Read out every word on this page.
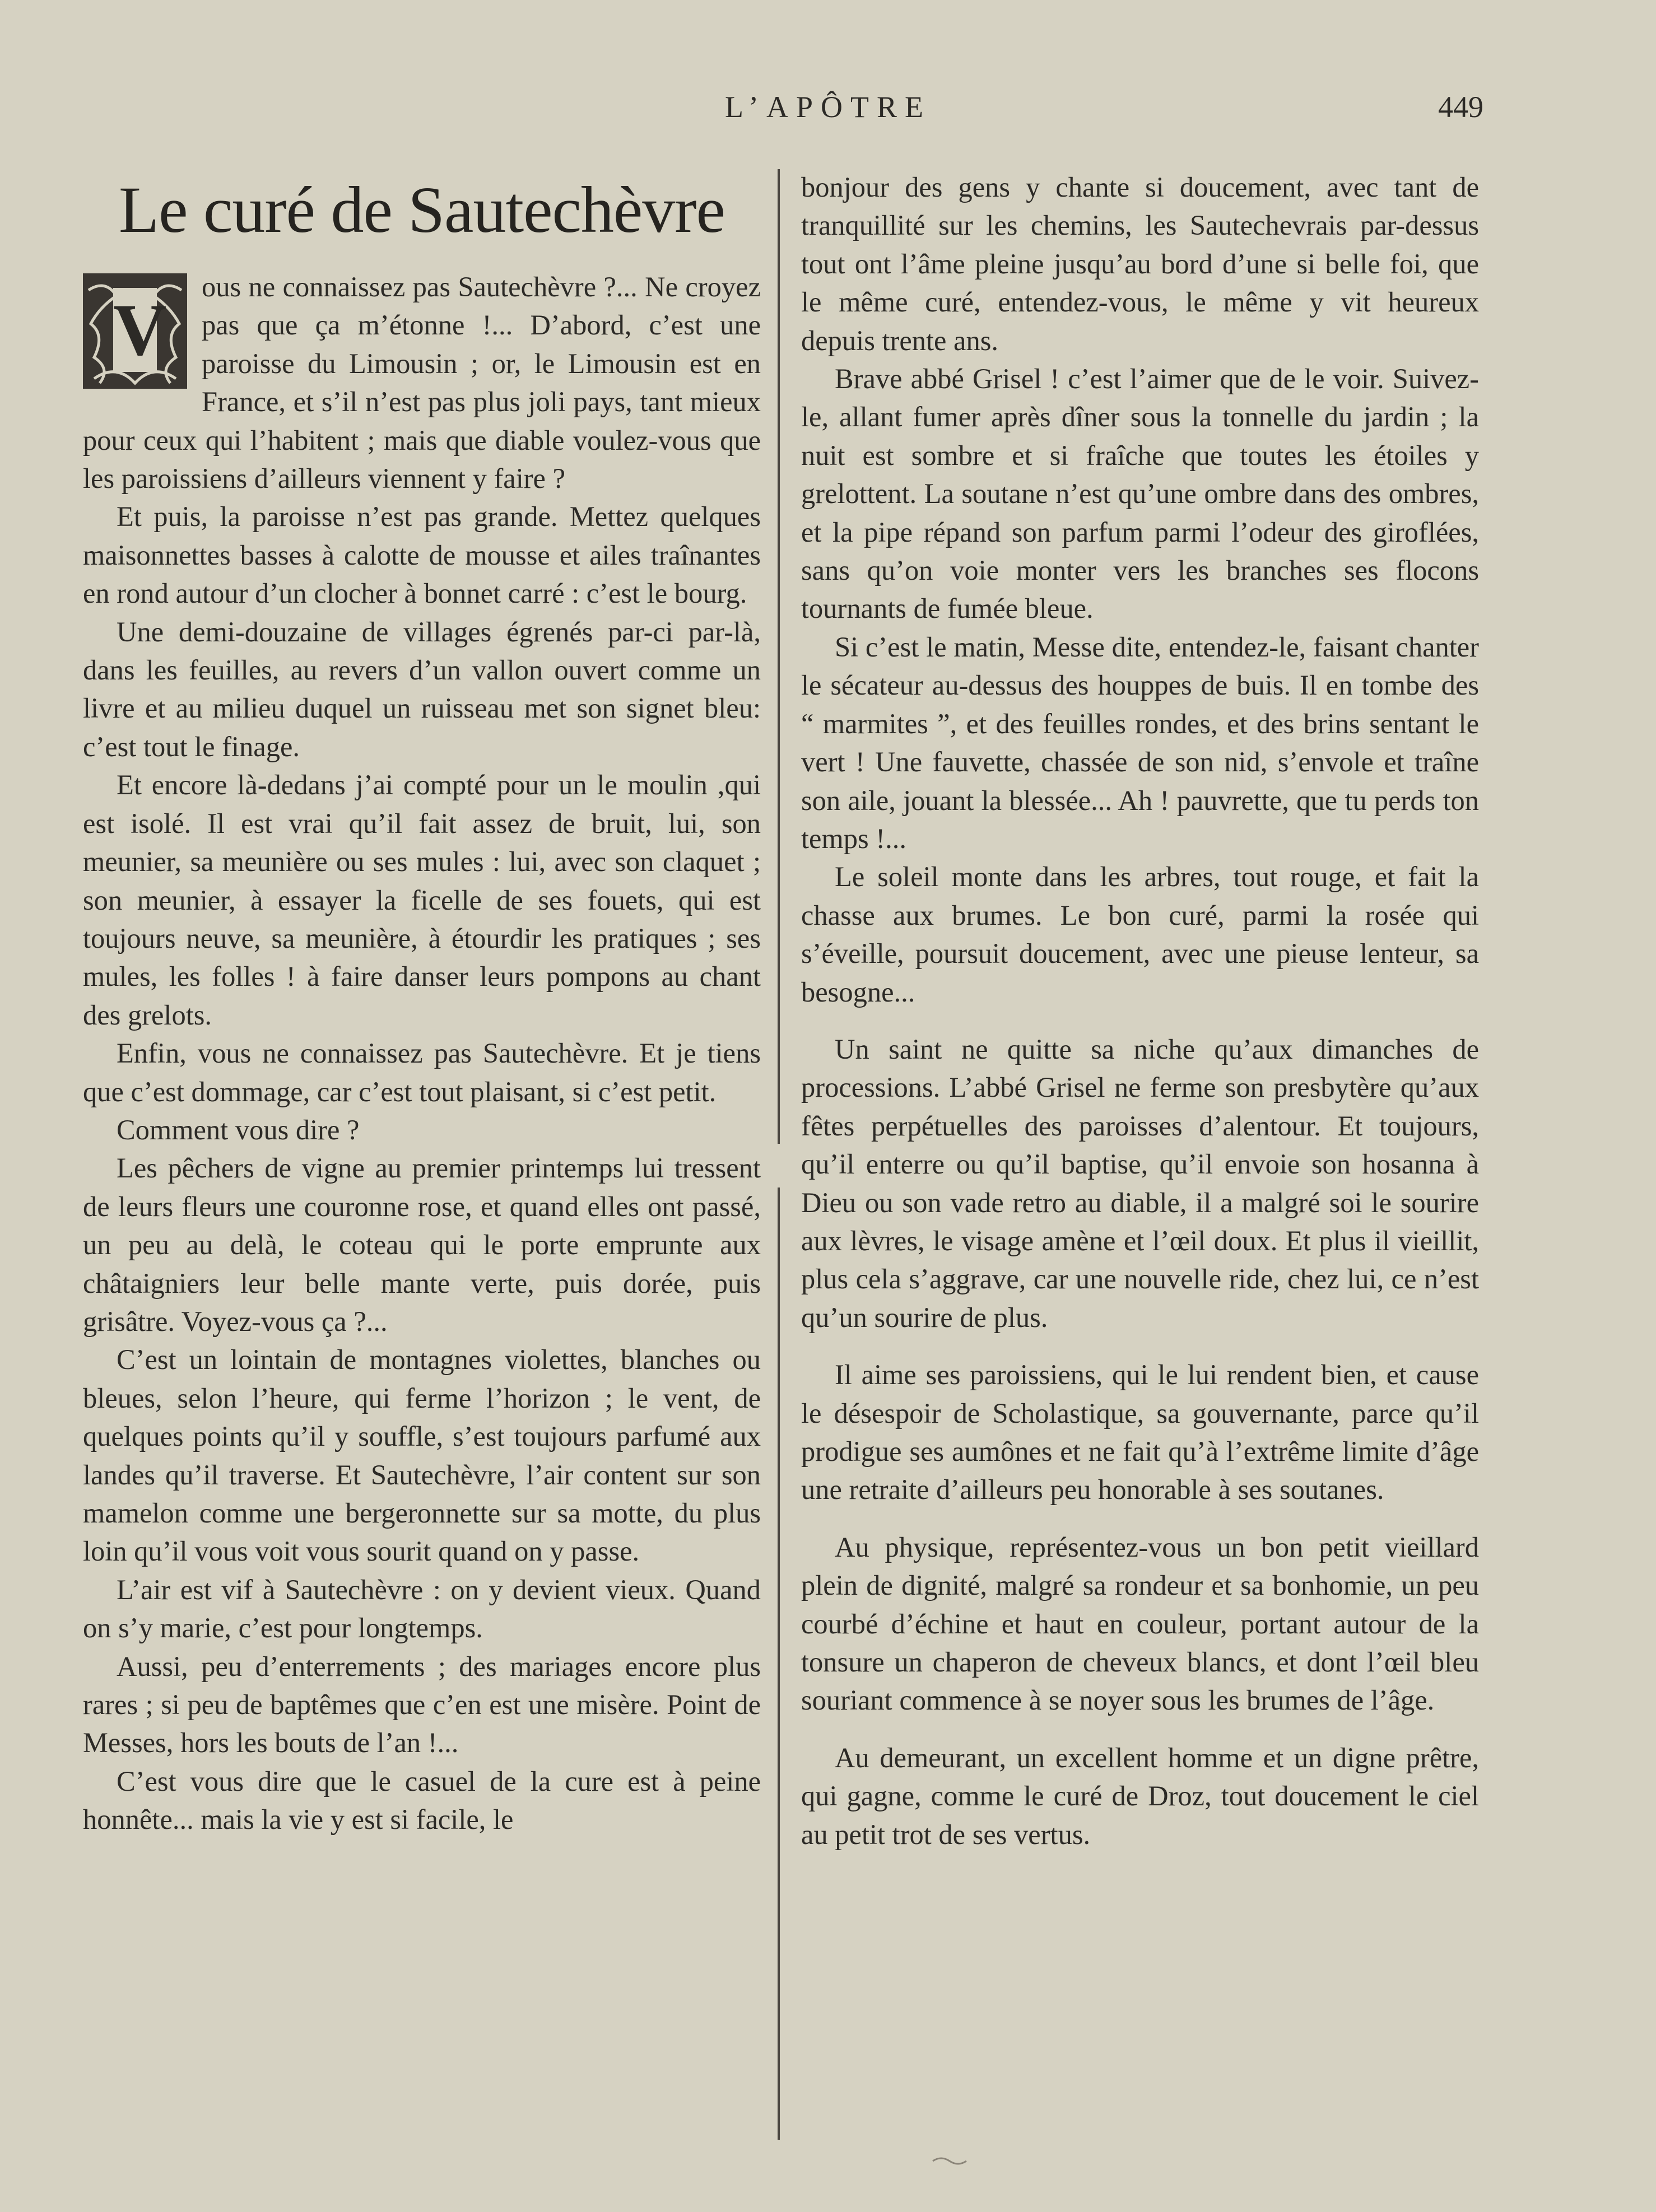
L’APÔTRE	449
Le curé de Sautechèvre

V
ous ne connaissez pas Sautechèvre ?... Ne croyez pas que ça m’étonne !... D’abord, c’est une paroisse du Limousin ; or, le Limousin est en France, et s’il n’est pas plus joli pays, tant mieux pour ceux qui l’habitent ; mais que diable voulez-vous que les paroissiens d’ailleurs viennent y faire ?

Et puis, la paroisse n’est pas grande. Mettez quelques maisonnettes basses à calotte de mousse et ailes traînantes en rond autour d’un clocher à bonnet carré : c’est le bourg.

Une demi-douzaine de villages égrenés par-ci par-là, dans les feuilles, au revers d’un vallon ouvert comme un livre et au milieu duquel un ruisseau met son signet bleu: c’est tout le finage.

Et encore là-dedans j’ai compté pour un le moulin ,qui est isolé. Il est vrai qu’il fait assez de bruit, lui, son meunier, sa meunière ou ses mules : lui, avec son claquet ; son meunier, à essayer la ficelle de ses fouets, qui est toujours neuve, sa meunière, à étourdir les pratiques ; ses mules, les folles ! à faire danser leurs pompons au chant des grelots.

Enfin, vous ne connaissez pas Sautechèvre. Et je tiens que c’est dommage, car c’est tout plaisant, si c’est petit.

Comment vous dire ?

Les pêchers de vigne au premier printemps lui tressent de leurs fleurs une couronne rose, et quand elles ont passé, un peu au delà, le coteau qui le porte emprunte aux châtaigniers leur belle mante verte, puis dorée, puis grisâtre. Voyez-vous ça ?...

C’est un lointain de montagnes violettes, blanches ou bleues, selon l’heure, qui ferme l’horizon ; le vent, de quelques points qu’il y souffle, s’est toujours parfumé aux landes qu’il traverse. Et Sautechèvre, l’air content sur son mamelon comme une bergeronnette sur sa motte, du plus loin qu’il vous voit vous sourit quand on y passe.

L’air est vif à Sautechèvre : on y devient vieux. Quand on s’y marie, c’est pour longtemps.

Aussi, peu d’enterrements ; des mariages encore plus rares ; si peu de baptêmes que c’en est une misère. Point de Messes, hors les bouts de l’an !...

C’est vous dire que le casuel de la cure est à peine honnête... mais la vie y est si facile, le

bonjour des gens y chante si doucement, avec tant de tranquillité sur les chemins, les Sautechevrais par-dessus tout ont l’âme pleine jusqu’au bord d’une si belle foi, que le même curé, entendez-vous, le même y vit heureux depuis trente ans.

Brave abbé Grisel ! c’est l’aimer que de le voir. Suivez-le, allant fumer après dîner sous la tonnelle du jardin ; la nuit est sombre et si fraîche que toutes les étoiles y grelottent. La soutane n’est qu’une ombre dans des ombres, et la pipe répand son parfum parmi l’odeur des giroflées, sans qu’on voie monter vers les branches ses flocons tournants de fumée bleue.

Si c’est le matin, Messe dite, entendez-le, faisant chanter le sécateur au-dessus des houppes de buis. Il en tombe des “ marmites ”, et des feuilles rondes, et des brins sentant le vert ! Une fauvette, chassée de son nid, s’envole et traîne son aile, jouant la blessée... Ah ! pauvrette, que tu perds ton temps !...

Le soleil monte dans les arbres, tout rouge, et fait la chasse aux brumes. Le bon curé, parmi la rosée qui s’éveille, poursuit doucement, avec une pieuse lenteur, sa besogne...

Un saint ne quitte sa niche qu’aux dimanches de processions. L’abbé Grisel ne ferme son presbytère qu’aux fêtes perpétuelles des paroisses d’alentour. Et toujours, qu’il enterre ou qu’il baptise, qu’il envoie son hosanna à Dieu ou son vade retro au diable, il a malgré soi le sourire aux lèvres, le visage amène et l’œil doux. Et plus il vieillit, plus cela s’aggrave, car une nouvelle ride, chez lui, ce n’est qu’un sourire de plus.

Il aime ses paroissiens, qui le lui rendent bien, et cause le désespoir de Scholastique, sa gouvernante, parce qu’il prodigue ses aumônes et ne fait qu’à l’extrême limite d’âge une retraite d’ailleurs peu honorable à ses soutanes.

Au physique, représentez-vous un bon petit vieillard plein de dignité, malgré sa rondeur et sa bonhomie, un peu courbé d’échine et haut en couleur, portant autour de la tonsure un chaperon de cheveux blancs, et dont l’œil bleu souriant commence à se noyer sous les brumes de l’âge.

Au demeurant, un excellent homme et un digne prêtre, qui gagne, comme le curé de Droz, tout doucement le ciel au petit trot de ses vertus.
